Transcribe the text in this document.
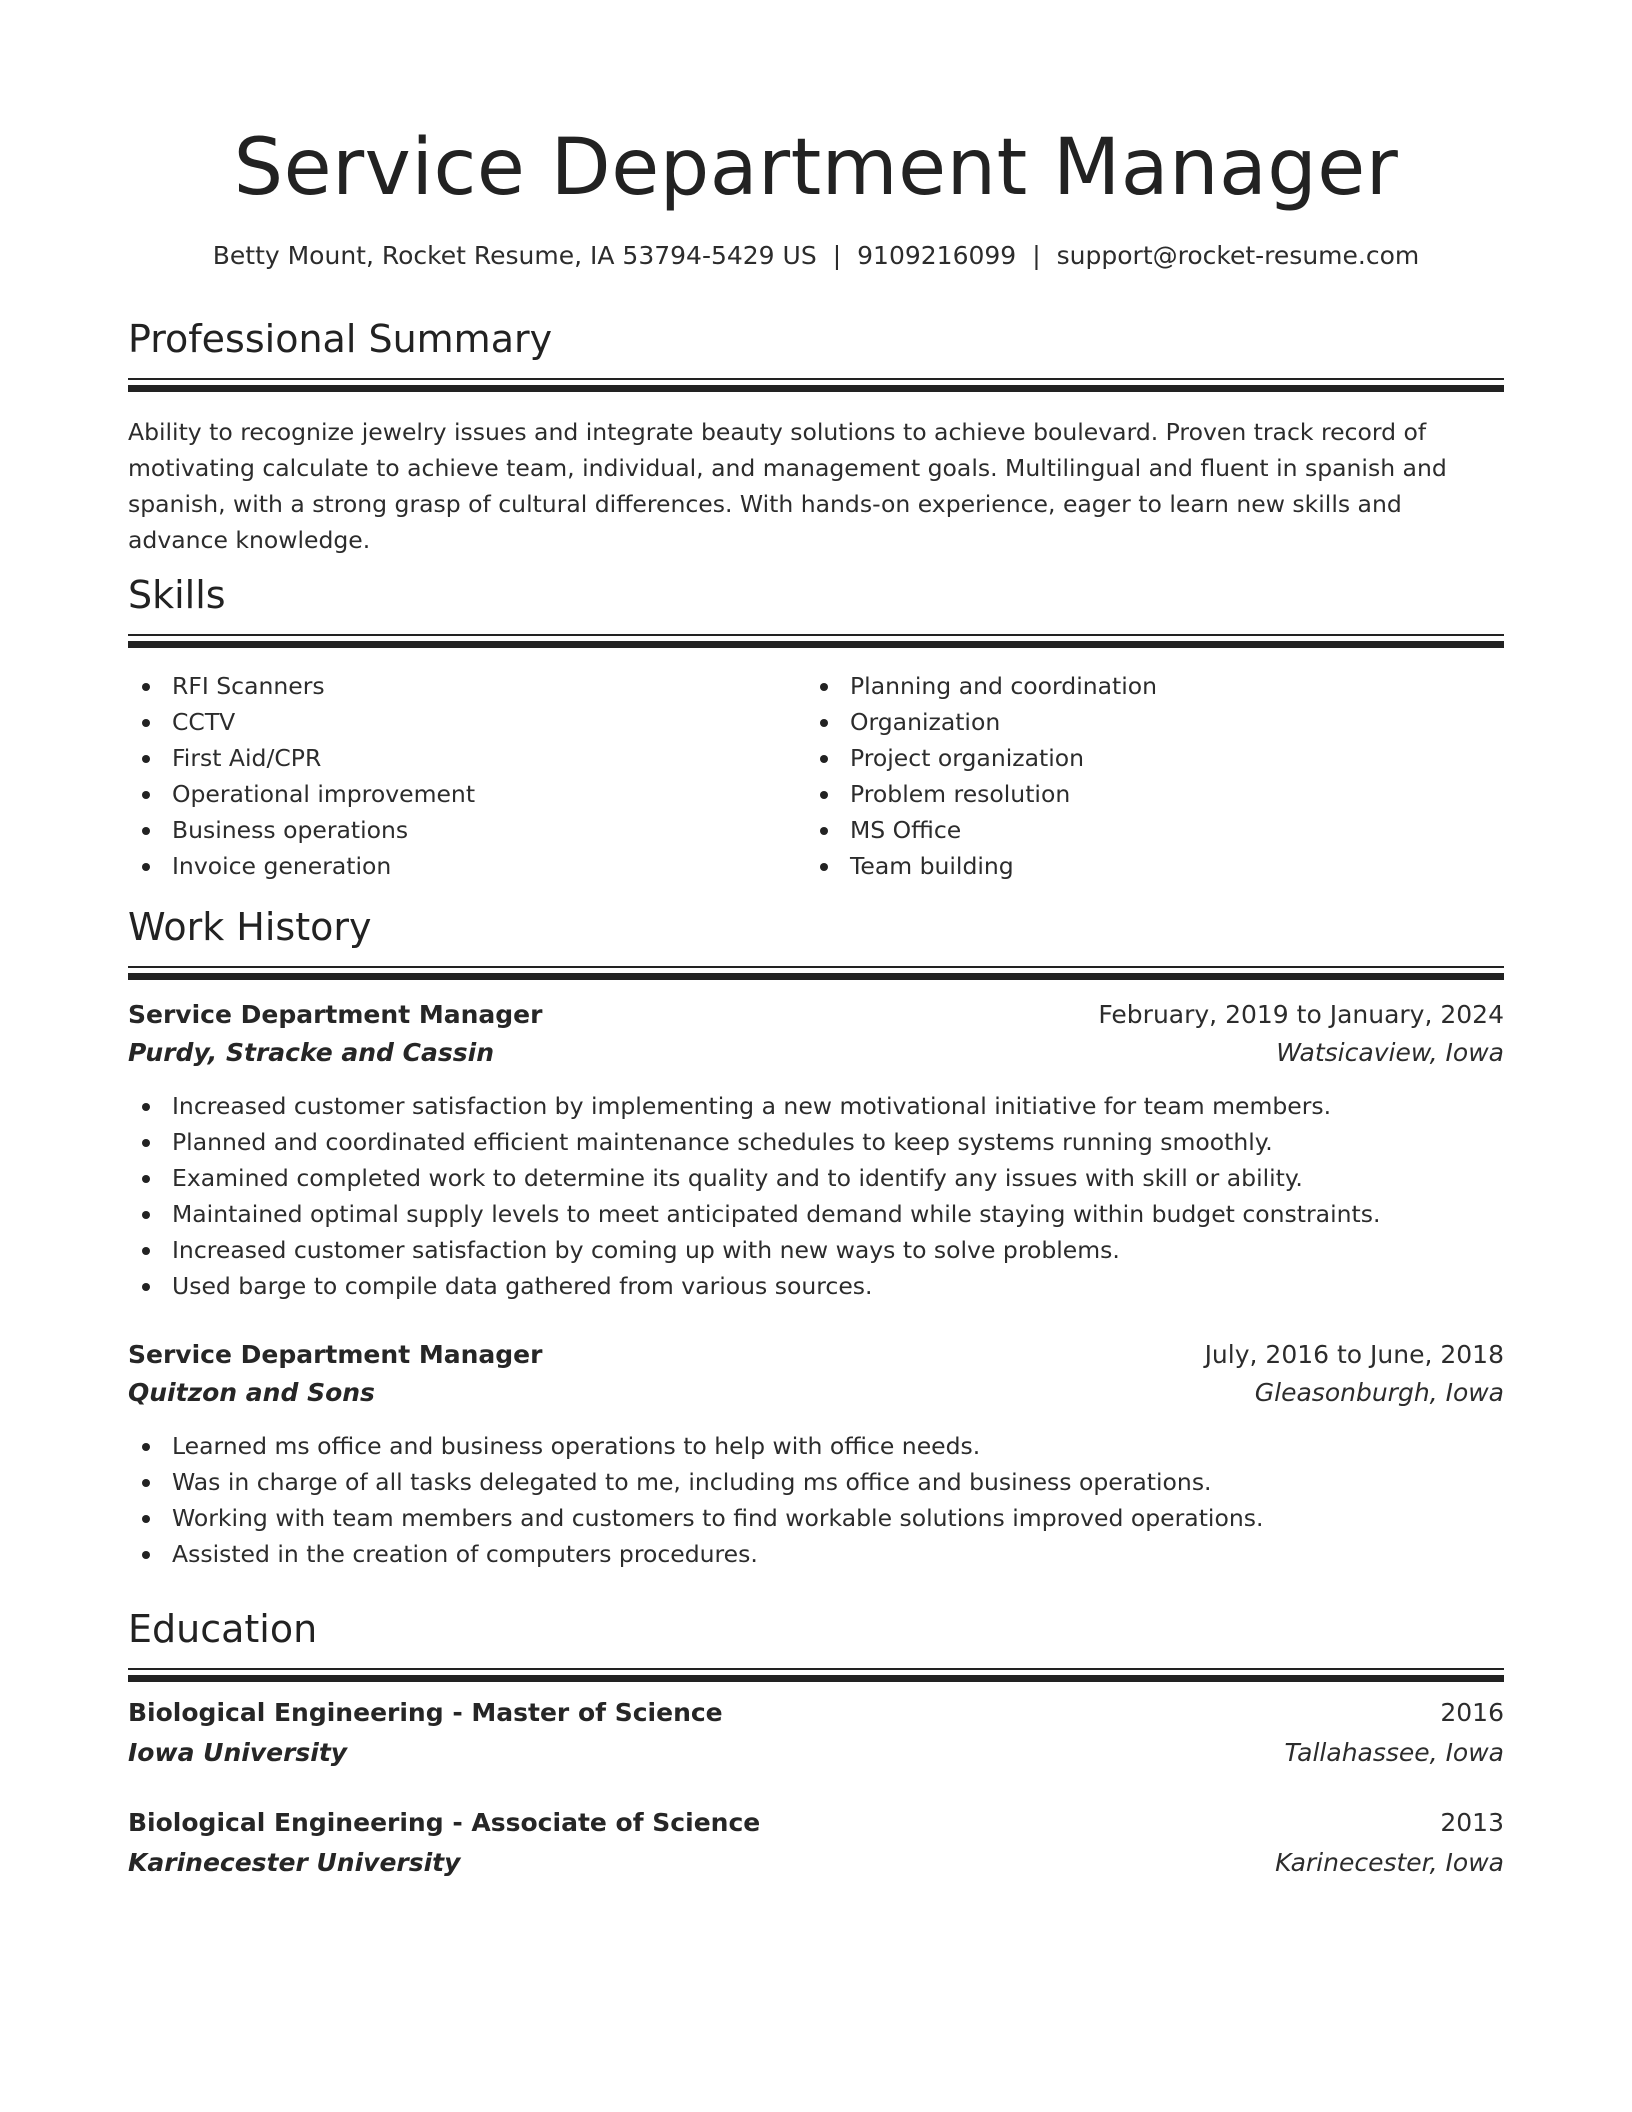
Service Department Manager
Betty Mount, Rocket Resume, IA 53794-5429 US | 9109216099 | support@rocket-resume.com
Professional Summary

Ability to recognize jewelry issues and integrate beauty solutions to achieve boulevard. Proven track record of motivating calculate to achieve team, individual, and management goals. Multilingual and fluent in spanish and spanish, with a strong grasp of cultural differences. With hands-on experience, eager to learn new skills and advance knowledge.

Skills
RFI Scanners
CCTV
First Aid/CPR
Operational improvement
Business operations
Invoice generation
Planning and coordination
Organization
Project organization
Problem resolution
MS Office
Team building
Work History
Service Department Manager	February, 2019 to January, 2024
Purdy, Stracke and Cassin	Watsicaview, Iowa
Increased customer satisfaction by implementing a new motivational initiative for team members.
Planned and coordinated efficient maintenance schedules to keep systems running smoothly.
Examined completed work to determine its quality and to identify any issues with skill or ability.
Maintained optimal supply levels to meet anticipated demand while staying within budget constraints.
Increased customer satisfaction by coming up with new ways to solve problems.
Used barge to compile data gathered from various sources.
Service Department Manager	July, 2016 to June, 2018
Quitzon and Sons	Gleasonburgh, Iowa
Learned ms office and business operations to help with office needs.
Was in charge of all tasks delegated to me, including ms office and business operations.
Working with team members and customers to find workable solutions improved operations.
Assisted in the creation of computers procedures.
Education
Biological Engineering - Master of Science	2016
Iowa University	Tallahassee, Iowa
Biological Engineering - Associate of Science	2013
Karinecester University	Karinecester, Iowa
